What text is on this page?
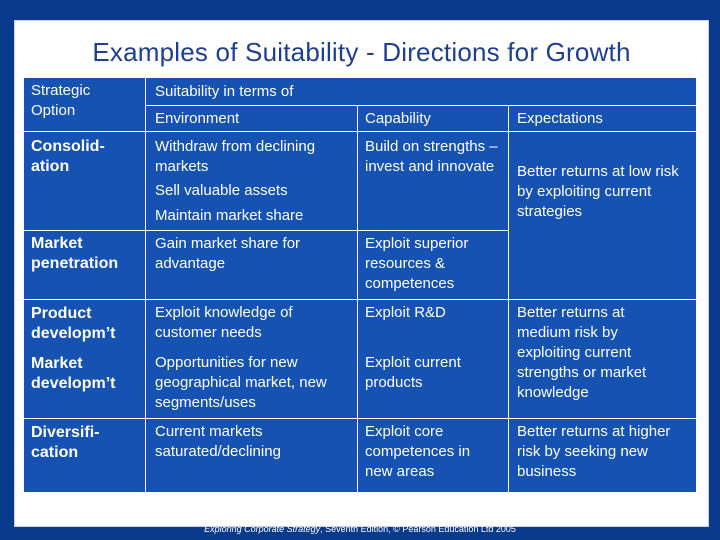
Examples of Suitability - Directions for Growth
Strategic
Option
Suitability in terms of
Environment	Capability	Expectations
Consolid-
ation
Withdraw from declining markets
Sell valuable assets
Maintain market share
Build on strengths – invest and innovate
Market penetration
Gain market share for advantage
Exploit superior resources & competences
Better returns at low risk by exploiting current strategies
Product developm’t
Exploit knowledge of customer needs
Exploit R&D
Market developm’t
Opportunities for new geographical market, new segments/uses
Exploit current products
Better returns at medium risk by exploiting current strengths or market knowledge
Diversifi-
cation
Current markets saturated/declining
Exploit core competences in new areas
Better returns at higher risk by seeking new business
Exploring Corporate Strategy, Seventh Edition, © Pearson Education Ltd 2005
